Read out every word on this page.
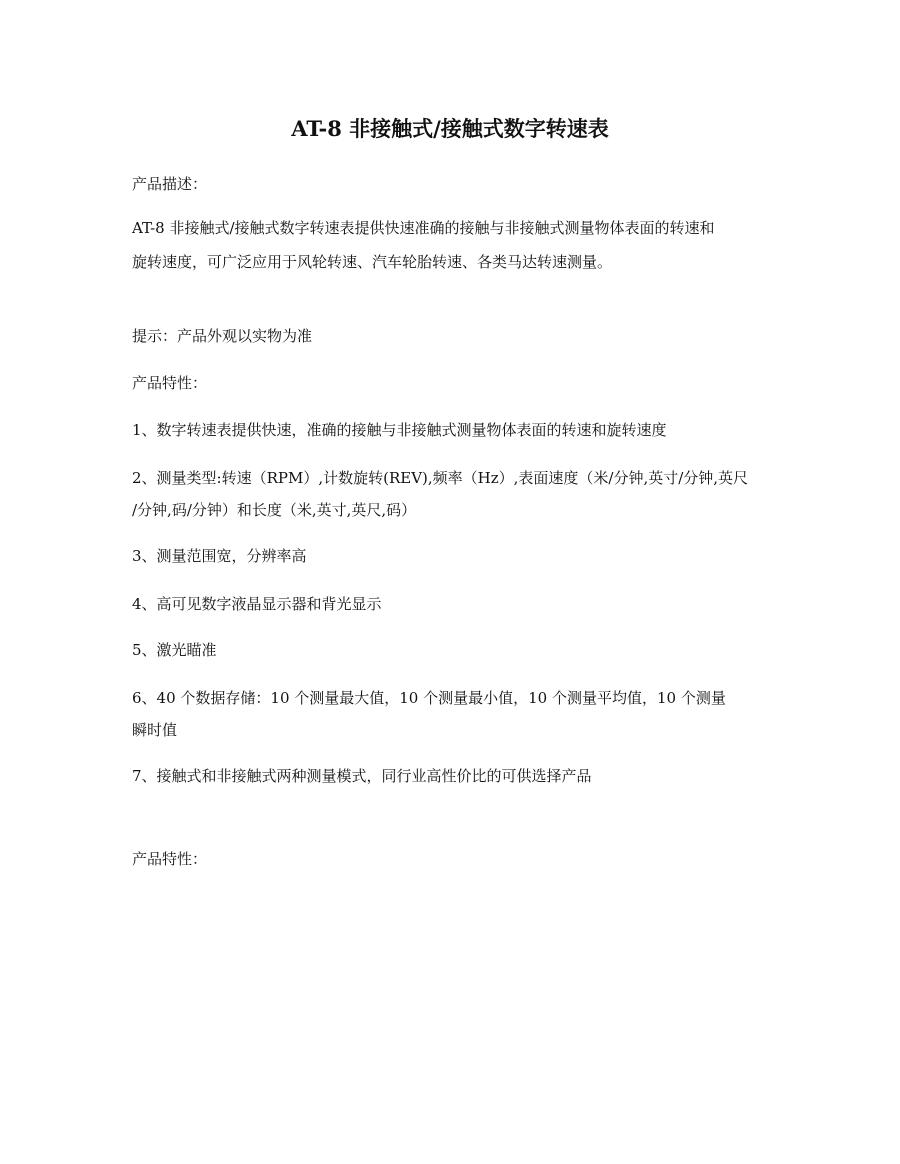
AT-8 非接触式/接触式数字转速表

产品描述：

AT-8 非接触式/接触式数字转速表提供快速准确的接触与非接触式测量物体表面的转速和

旋转速度，可广泛应用于风轮转速、汽车轮胎转速、各类马达转速测量。

提示：产品外观以实物为准

产品特性：

1、数字转速表提供快速，准确的接触与非接触式测量物体表面的转速和旋转速度

2、测量类型:转速（RPM）,计数旋转(REV),频率（Hz）,表面速度（米/分钟,英寸/分钟,英尺

/分钟,码/分钟）和长度（米,英寸,英尺,码）

3、测量范围宽，分辨率高

4、高可见数字液晶显示器和背光显示

5、激光瞄准

6、40 个数据存储：10 个测量最大值，10 个测量最小值，10 个测量平均值，10 个测量

瞬时值

7、接触式和非接触式两种测量模式，同行业高性价比的可供选择产品

产品特性：
